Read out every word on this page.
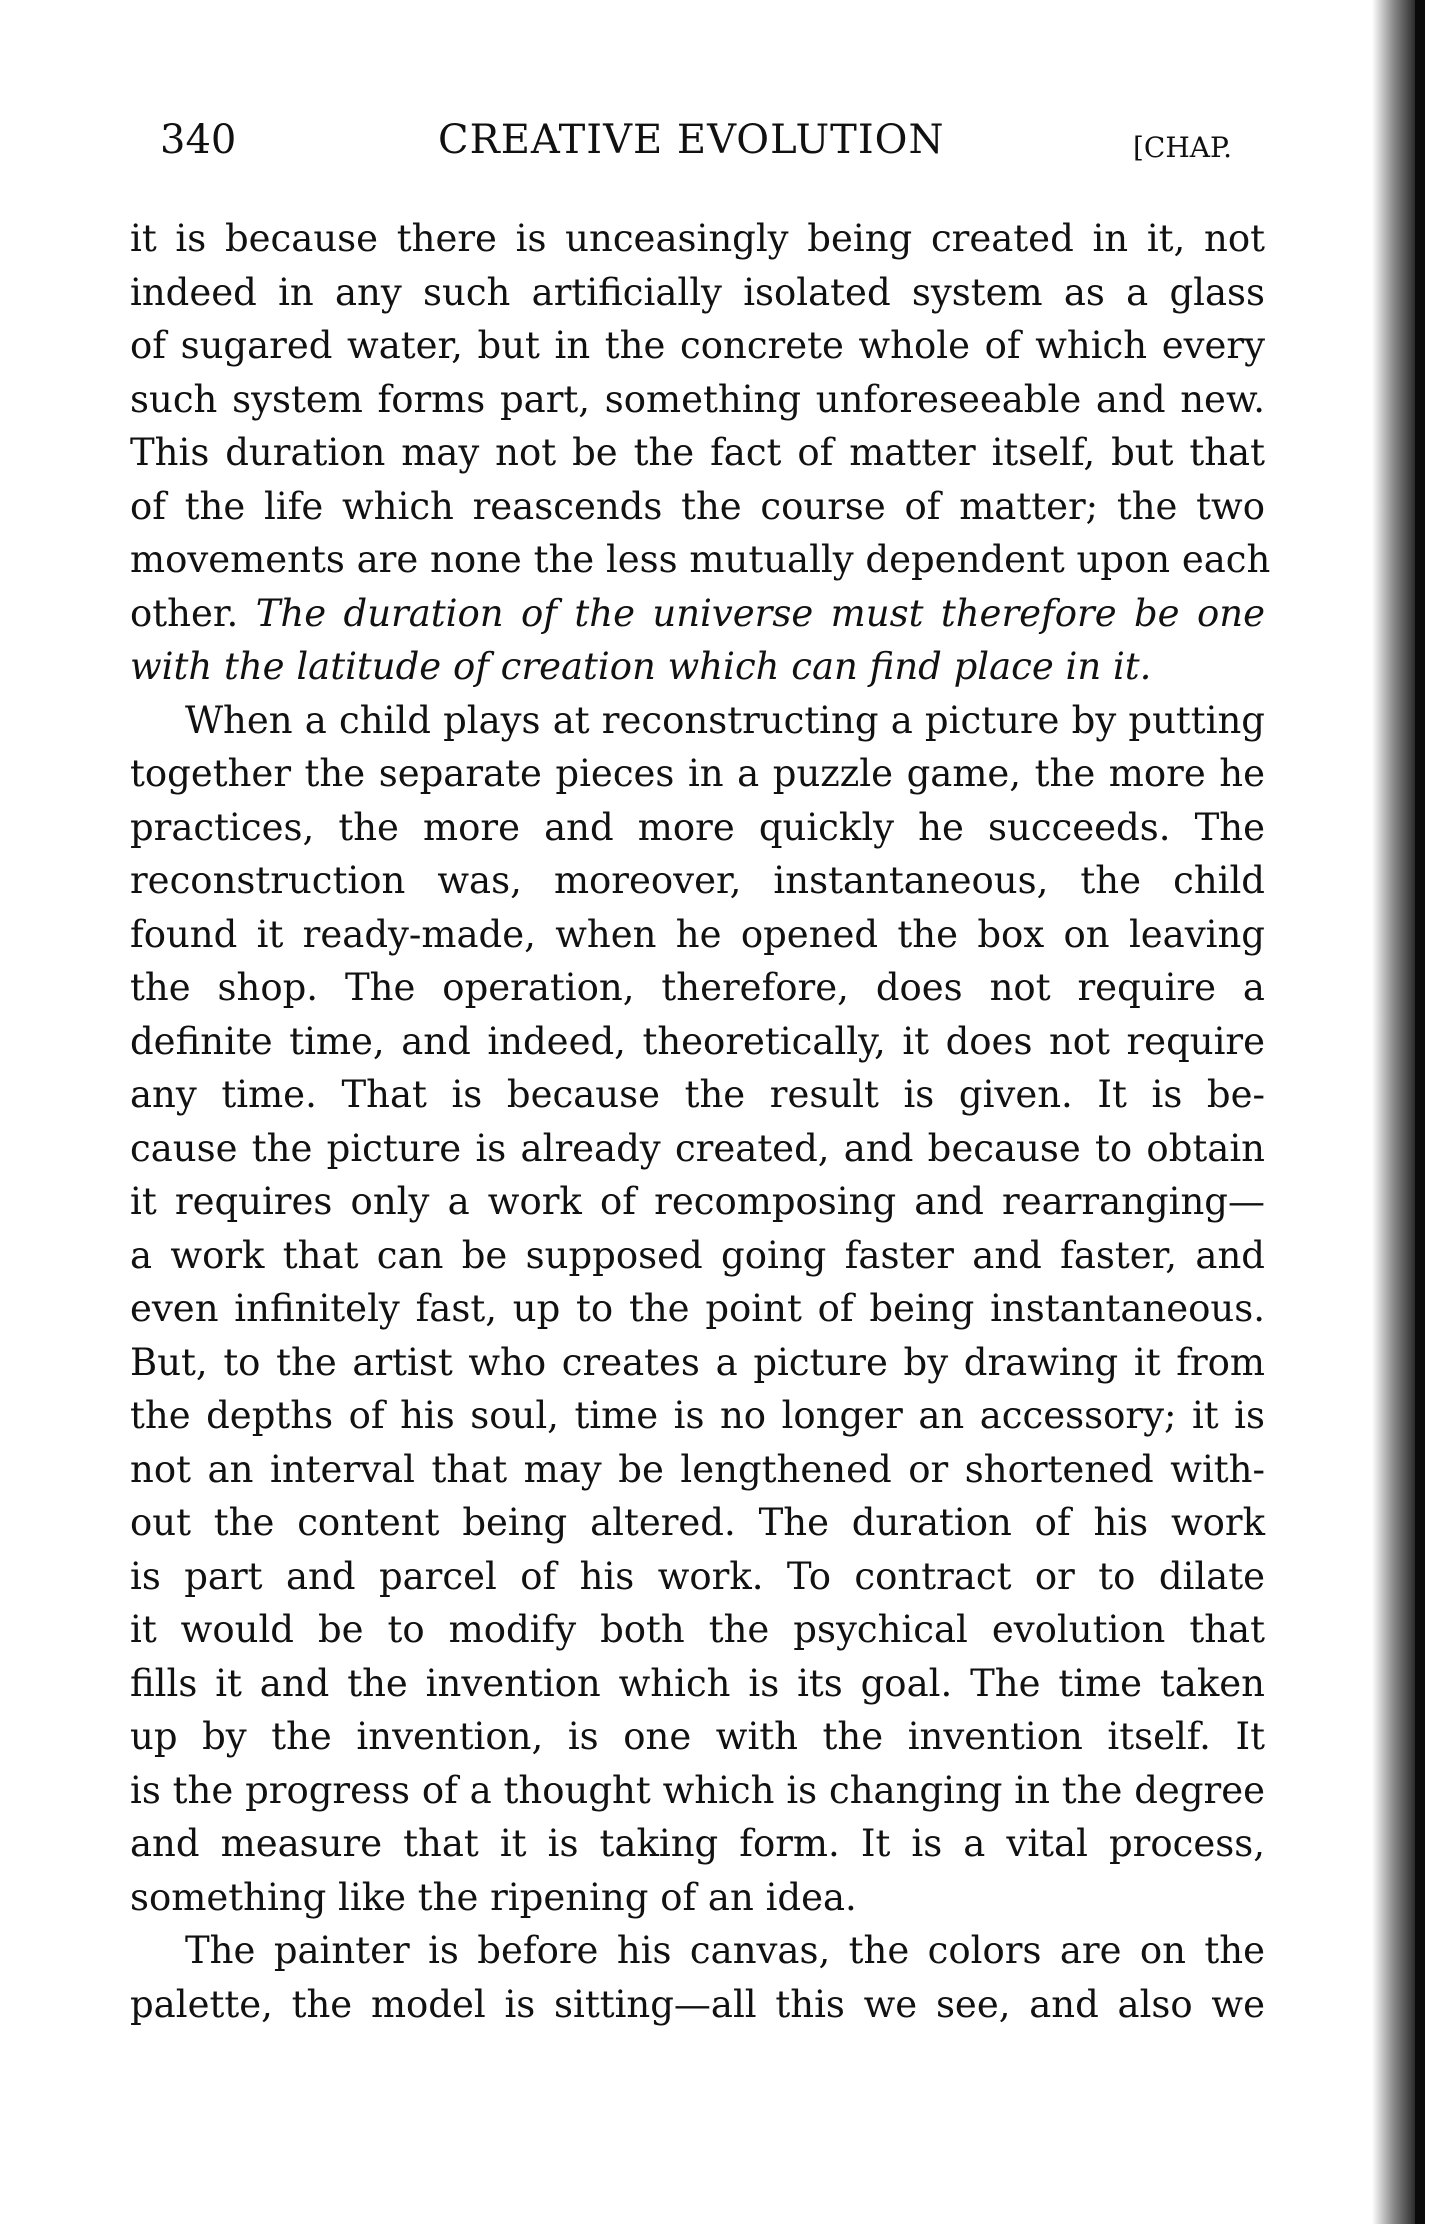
340	CREATIVE EVOLUTION	[CHAP.
it is because there is unceasingly being created in it, not
indeed in any such artificially isolated system as a glass
of sugared water, but in the concrete whole of which every
such system forms part, something unforeseeable and new.
This duration may not be the fact of matter itself, but that
of the life which reascends the course of matter; the two
movements are none the less mutually dependent upon each
other. The duration of the universe must therefore be one
with the latitude of creation which can find place in it.
When a child plays at reconstructing a picture by putting
together the separate pieces in a puzzle game, the more he
practices, the more and more quickly he succeeds. The
reconstruction was, moreover, instantaneous, the child
found it ready-made, when he opened the box on leaving
the shop. The operation, therefore, does not require a
definite time, and indeed, theoretically, it does not require
any time. That is because the result is given. It is be-
cause the picture is already created, and because to obtain
it requires only a work of recomposing and rearranging—
a work that can be supposed going faster and faster, and
even infinitely fast, up to the point of being instantaneous.
But, to the artist who creates a picture by drawing it from
the depths of his soul, time is no longer an accessory; it is
not an interval that may be lengthened or shortened with-
out the content being altered. The duration of his work
is part and parcel of his work. To contract or to dilate
it would be to modify both the psychical evolution that
fills it and the invention which is its goal. The time taken
up by the invention, is one with the invention itself. It
is the progress of a thought which is changing in the degree
and measure that it is taking form. It is a vital process,
something like the ripening of an idea.
The painter is before his canvas, the colors are on the
palette, the model is sitting—all this we see, and also we
